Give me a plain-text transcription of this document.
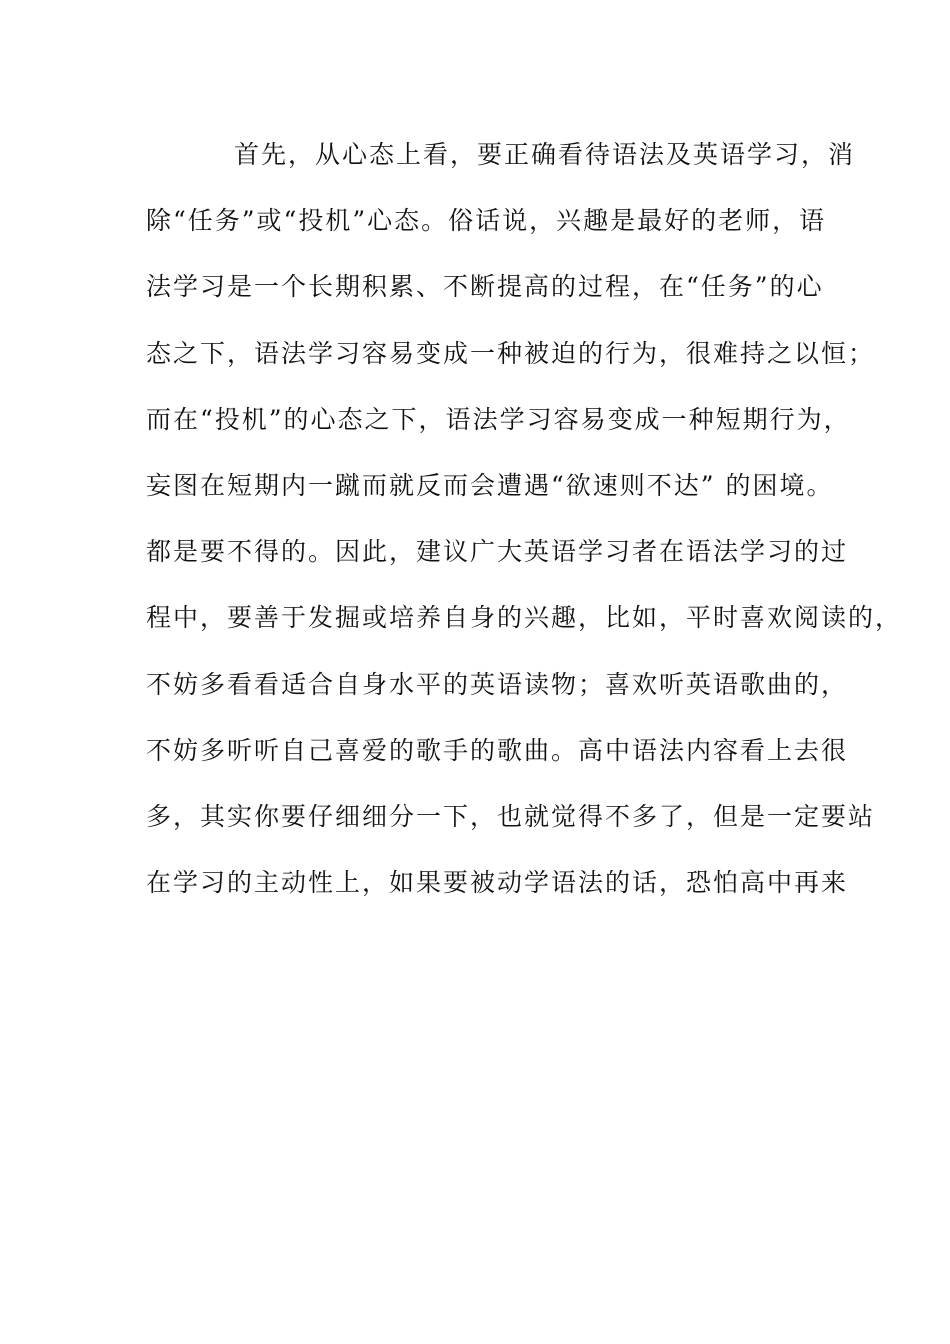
首先，从心态上看，要正确看待语法及英语学习，消
除“任务”或“投机”心态。俗话说，兴趣是最好的老师，语
法学习是一个长期积累、不断提高的过程，在“任务”的心
态之下，语法学习容易变成一种被迫的行为，很难持之以恒；
而在“投机”的心态之下，语法学习容易变成一种短期行为，
妄图在短期内一蹴而就反而会遭遇“欲速则不达” 的困境。
都是要不得的。因此，建议广大英语学习者在语法学习的过
程中，要善于发掘或培养自身的兴趣，比如，平时喜欢阅读的，
不妨多看看适合自身水平的英语读物；喜欢听英语歌曲的，
不妨多听听自己喜爱的歌手的歌曲。高中语法内容看上去很
多，其实你要仔细细分一下，也就觉得不多了，但是一定要站
在学习的主动性上，如果要被动学语法的话，恐怕高中再来
